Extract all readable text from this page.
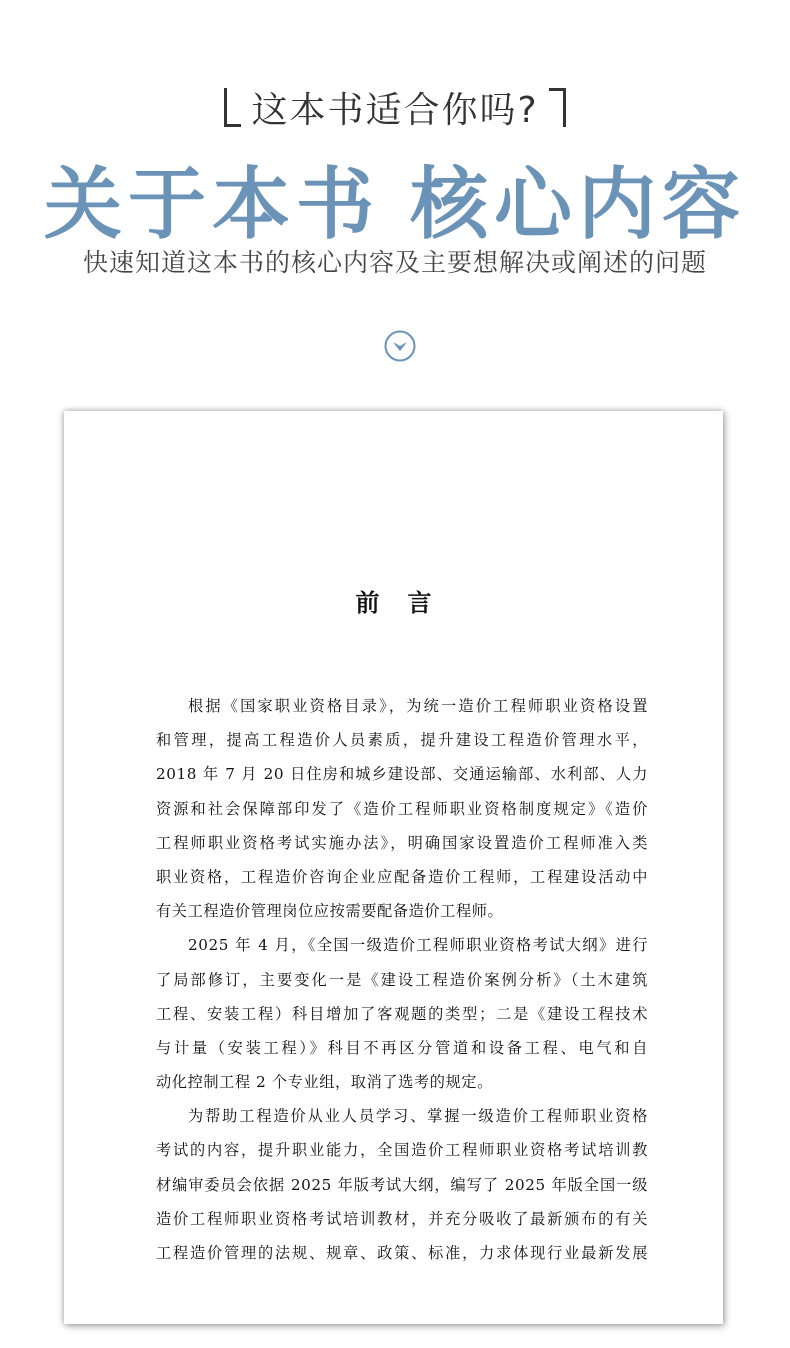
这本书适合你吗?
关于本书 核心内容
快速知道这本书的核心内容及主要想解决或阐述的问题
前言
根据《国家职业资格目录》，为统一造价工程师职业资格设置
和管理，提高工程造价人员素质，提升建设工程造价管理水平，
2018 年 7 月 20 日住房和城乡建设部、交通运输部、水利部、人力
资源和社会保障部印发了《造价工程师职业资格制度规定》《造价
工程师职业资格考试实施办法》，明确国家设置造价工程师准入类
职业资格，工程造价咨询企业应配备造价工程师，工程建设活动中
有关工程造价管理岗位应按需要配备造价工程师。
2025 年 4 月，《全国一级造价工程师职业资格考试大纲》进行
了局部修订，主要变化一是《建设工程造价案例分析》（土木建筑
工程、安装工程）科目增加了客观题的类型；二是《建设工程技术
与计量（安装工程）》科目不再区分管道和设备工程、电气和自
动化控制工程 2 个专业组，取消了选考的规定。
为帮助工程造价从业人员学习、掌握一级造价工程师职业资格
考试的内容，提升职业能力，全国造价工程师职业资格考试培训教
材编审委员会依据 2025 年版考试大纲，编写了 2025 年版全国一级
造价工程师职业资格考试培训教材，并充分吸收了最新颁布的有关
工程造价管理的法规、规章、政策、标准，力求体现行业最新发展
